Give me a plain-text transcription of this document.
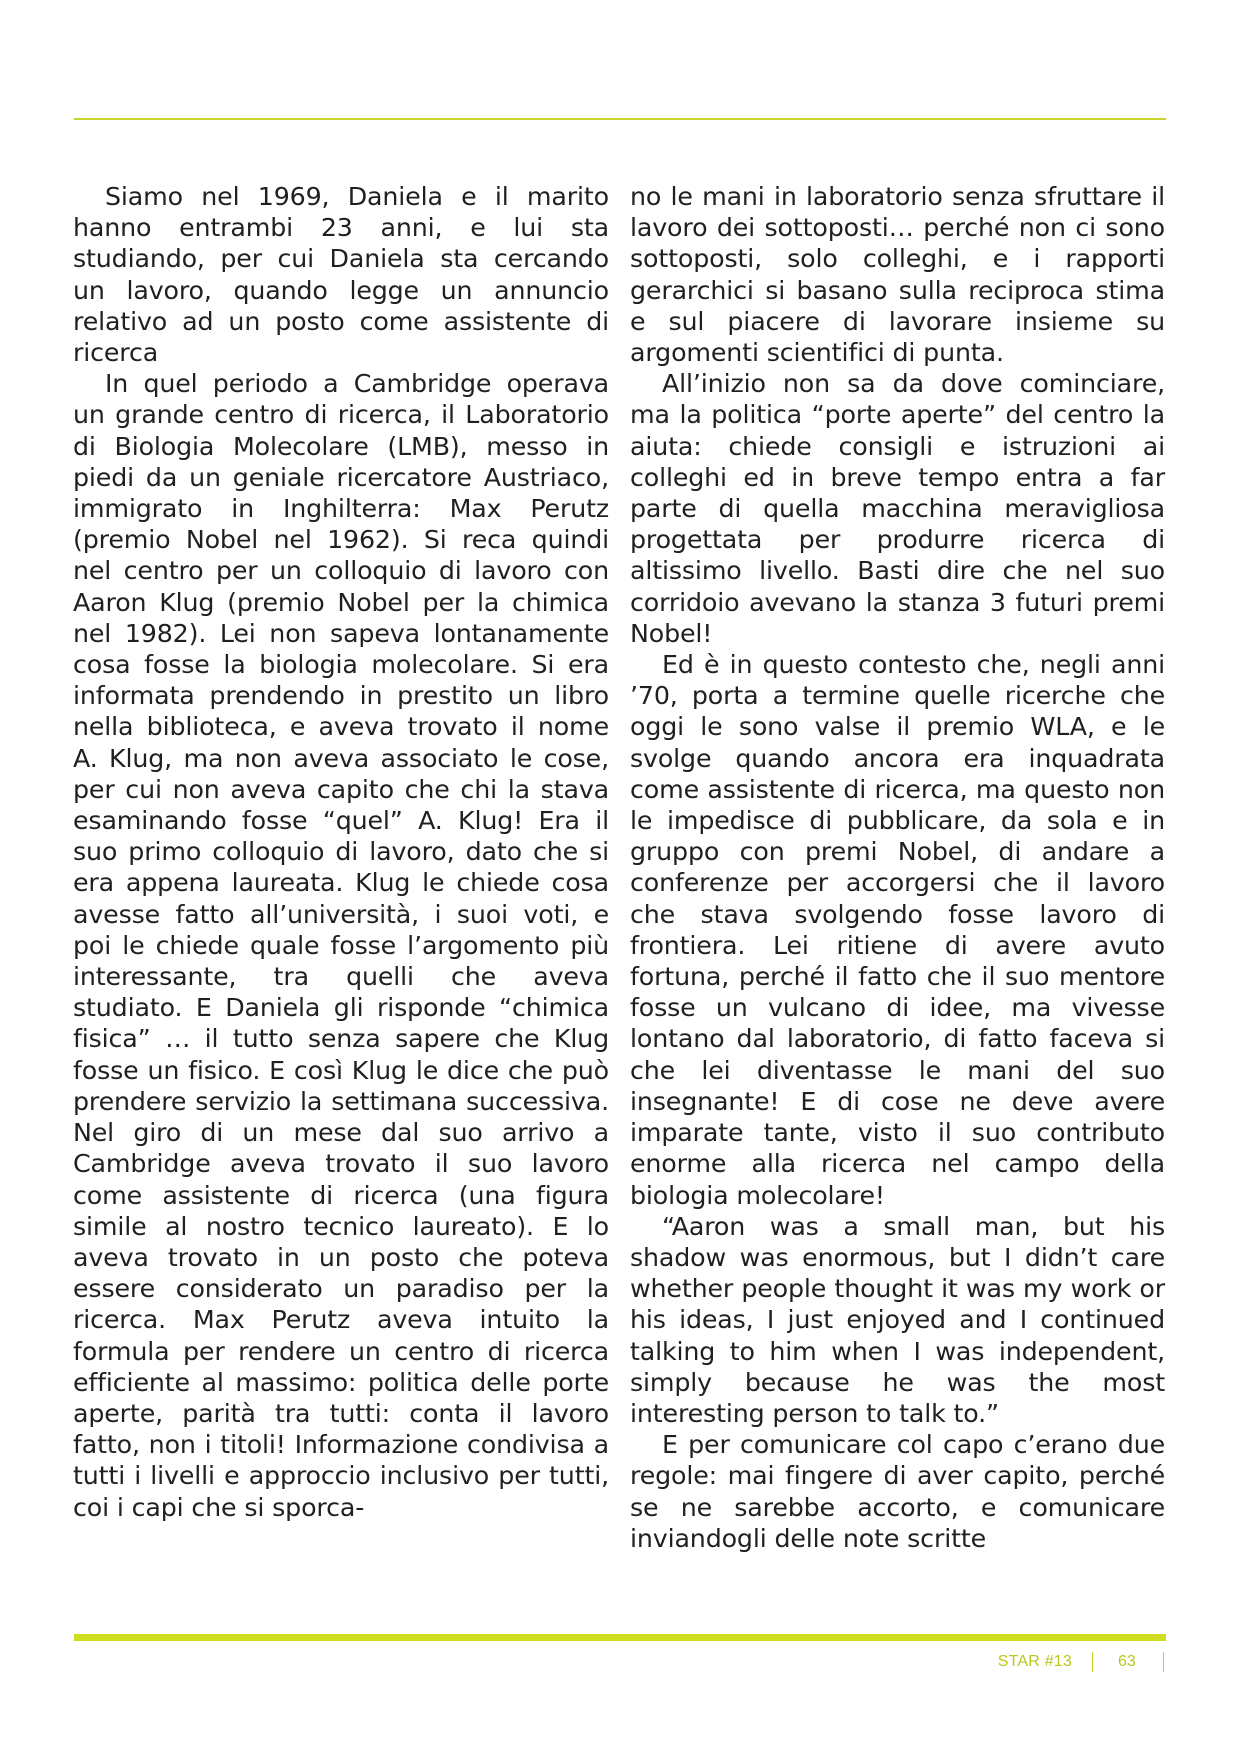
Siamo nel 1969, Daniela e il marito hanno entrambi 23 anni, e lui sta studiando, per cui Daniela sta cercando un lavoro, quando legge un annuncio relativo ad un posto come assistente di ricerca

In quel periodo a Cambridge operava un grande centro di ricerca, il Laboratorio di Biologia Molecolare (LMB), messo in piedi da un geniale ricercatore Austriaco, immigrato in Inghilterra: Max Perutz (premio Nobel nel 1962). Si reca quindi nel centro per un colloquio di lavoro con Aaron Klug (premio Nobel per la chimica nel 1982). Lei non sapeva lontanamente cosa fosse la biologia molecolare. Si era informata prendendo in prestito un libro nella biblioteca, e aveva trovato il nome A. Klug, ma non aveva associato le cose, per cui non aveva capito che chi la stava esaminando fosse “quel” A. Klug! Era il suo primo colloquio di lavoro, dato che si era appena laureata. Klug le chiede cosa avesse fatto all’università, i suoi voti, e poi le chiede quale fosse l’argomento più interessante, tra quelli che aveva studiato. E Daniela gli risponde “chimica fisica” … il tutto senza sapere che Klug fosse un fisico. E così Klug le dice che può prendere servizio la settimana successiva. Nel giro di un mese dal suo arrivo a Cambridge aveva trovato il suo lavoro come assistente di ricerca (una figura simile al nostro tecnico laureato). E lo aveva trovato in un posto che poteva essere considerato un paradiso per la ricerca. Max Perutz aveva intuito la formula per rendere un centro di ricerca efficiente al massimo: politica delle porte aperte, parità tra tutti: conta il lavoro fatto, non i titoli! Informazione condivisa a tutti i livelli e approccio inclusivo per tutti, coi i capi che si sporca-

no le mani in laboratorio senza sfruttare il lavoro dei sottoposti… perché non ci sono sottoposti, solo colleghi, e i rapporti gerarchici si basano sulla reciproca stima e sul piacere di lavorare insieme su argomenti scientifici di punta.

All’inizio non sa da dove cominciare, ma la politica “porte aperte” del centro la aiuta: chiede consigli e istruzioni ai colleghi ed in breve tempo entra a far parte di quella macchina meravigliosa progettata per produrre ricerca di altissimo livello. Basti dire che nel suo corridoio avevano la stanza 3 futuri premi Nobel!

Ed è in questo contesto che, negli anni ’70, porta a termine quelle ricerche che oggi le sono valse il premio WLA, e le svolge quando ancora era inquadrata come assistente di ricerca, ma questo non le impedisce di pubblicare, da sola e in gruppo con premi Nobel, di andare a conferenze per accorgersi che il lavoro che stava svolgendo fosse lavoro di frontiera. Lei ritiene di avere avuto fortuna, perché il fatto che il suo mentore fosse un vulcano di idee, ma vivesse lontano dal laboratorio, di fatto faceva si che lei diventasse le mani del suo insegnante! E di cose ne deve avere imparate tante, visto il suo contributo enorme alla ricerca nel campo della biologia molecolare!

“Aaron was a small man, but his shadow was enormous, but I didn’t care whether people thought it was my work or his ideas, I just enjoyed and I continued talking to him when I was independent, simply because he was the most interesting person to talk to.”

E per comunicare col capo c’erano due regole: mai fingere di aver capito, perché se ne sarebbe accorto, e comunicare inviandogli delle note scritte

STAR #13	63
